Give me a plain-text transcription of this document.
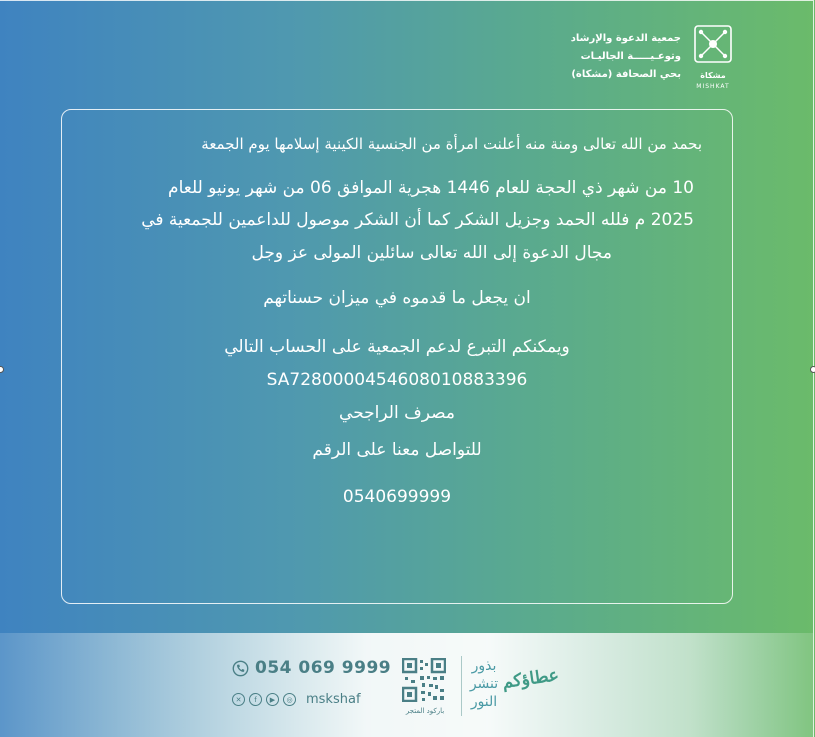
جمعية الدعوة والإرشاد
وتوعـيـــــة الجاليـات
بحي الصحافة (مشكاة)	مشكاة
MISHKAT
بحمد من الله تعالى ومنة منه أعلنت امرأة من الجنسية الكينية إسلامها يوم الجمعة
10 من شهر ذي الحجة للعام 1446 هجرية الموافق 06 من شهر يونيو للعام
2025 م فلله الحمد وجزيل الشكر كما أن الشكر موصول للداعمين للجمعية في
مجال الدعوة إلى الله تعالى سائلين المولى عز وجل
ان يجعل ما قدموه في ميزان حسناتهم
ويمكنكم التبرع لدعم الجمعية على الحساب التالي
SA7280000454608010883396
مصرف الراجحي
للتواصل معنا على الرقم
0540699999
054 069 9999
✕	f	▶	◎ mskshaf
باركود المتجر
بذور
تنشر
النور
عطاؤكم
